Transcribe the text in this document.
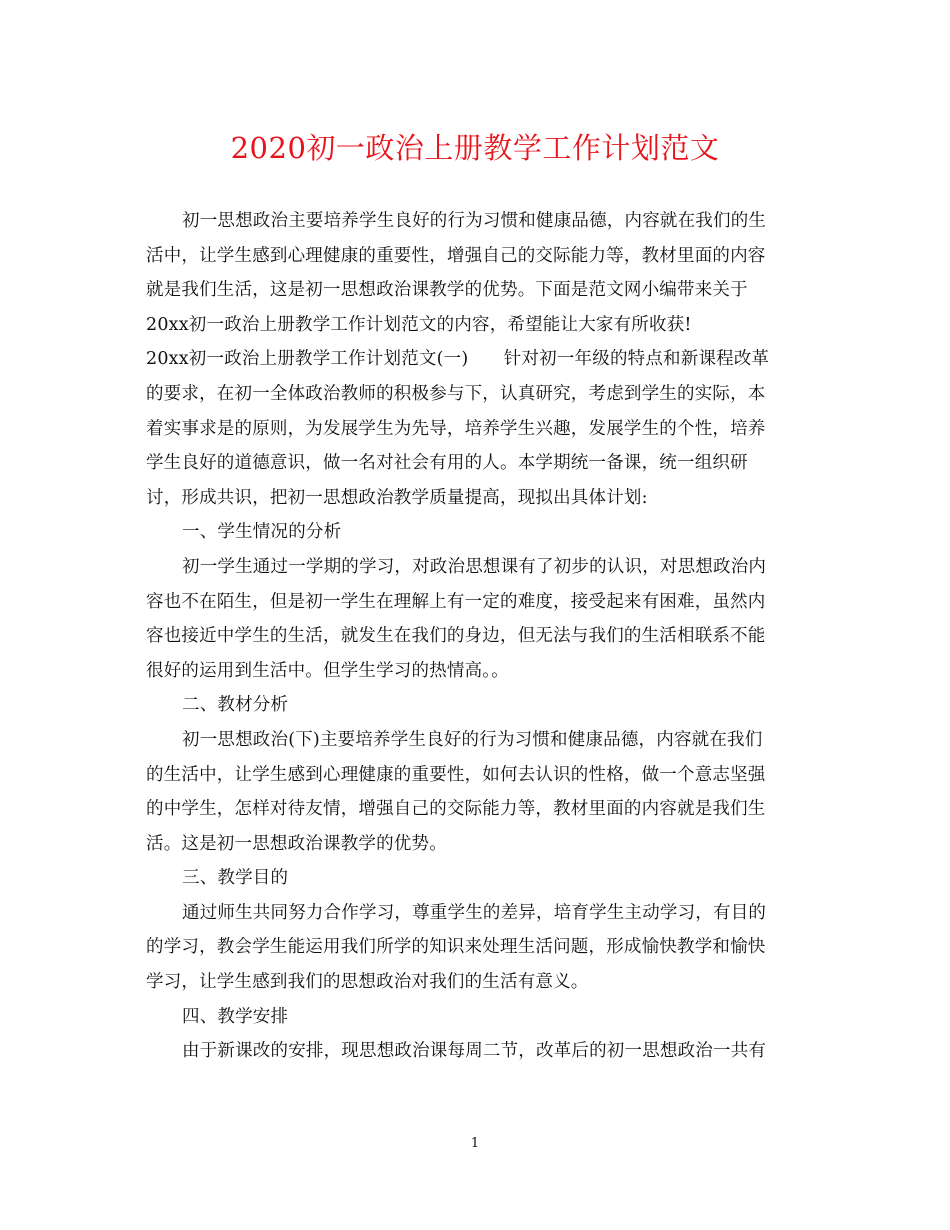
2020初一政治上册教学工作计划范文
初一思想政治主要培养学生良好的行为习惯和健康品德，内容就在我们的生
活中，让学生感到心理健康的重要性，增强自己的交际能力等，教材里面的内容
就是我们生活，这是初一思想政治课教学的优势。下面是范文网小编带来关于
20xx初一政治上册教学工作计划范文的内容，希望能让大家有所收获!
20xx初一政治上册教学工作计划范文(一)　　针对初一年级的特点和新课程改革
的要求，在初一全体政治教师的积极参与下，认真研究，考虑到学生的实际，本
着实事求是的原则，为发展学生为先导，培养学生兴趣，发展学生的个性，培养
学生良好的道德意识，做一名对社会有用的人。本学期统一备课，统一组织研
讨，形成共识，把初一思想政治教学质量提高，现拟出具体计划:
一、学生情况的分析
初一学生通过一学期的学习，对政治思想课有了初步的认识，对思想政治内
容也不在陌生，但是初一学生在理解上有一定的难度，接受起来有困难，虽然内
容也接近中学生的生活，就发生在我们的身边，但无法与我们的生活相联系不能
很好的运用到生活中。但学生学习的热情高。。
二、教材分析
初一思想政治(下)主要培养学生良好的行为习惯和健康品德，内容就在我们
的生活中，让学生感到心理健康的重要性，如何去认识的性格，做一个意志坚强
的中学生，怎样对待友情，增强自己的交际能力等，教材里面的内容就是我们生
活。这是初一思想政治课教学的优势。
三、教学目的
通过师生共同努力合作学习，尊重学生的差异，培育学生主动学习，有目的
的学习，教会学生能运用我们所学的知识来处理生活问题，形成愉快教学和愉快
学习，让学生感到我们的思想政治对我们的生活有意义。
四、教学安排
由于新课改的安排，现思想政治课每周二节，改革后的初一思想政治一共有
1
